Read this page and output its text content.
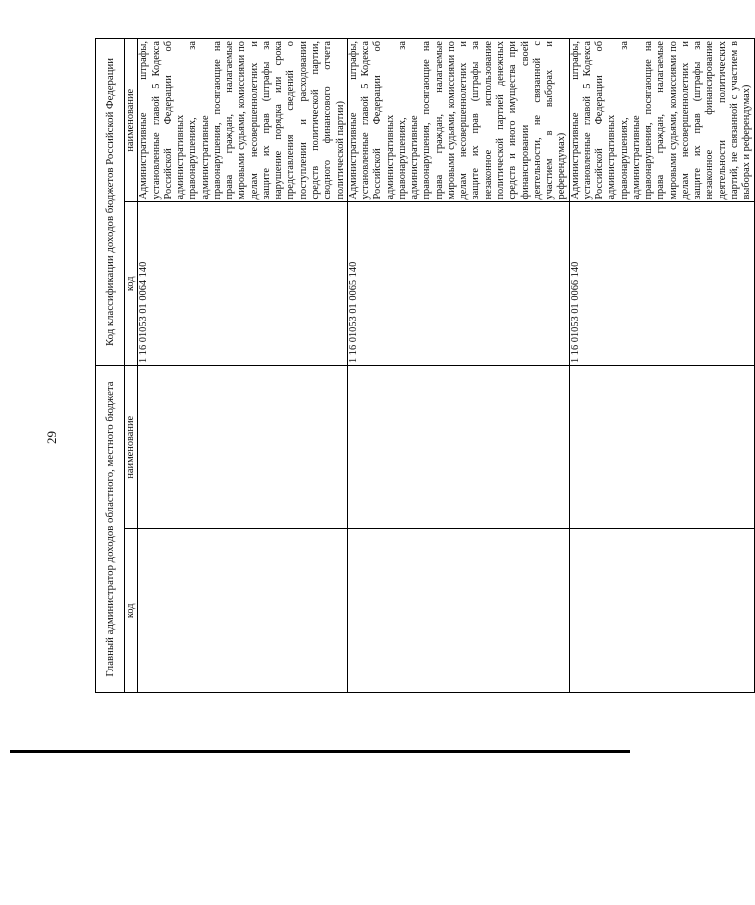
29	Главный администратор доходов областного, местного бюджета		Код классификации доходов бюджетов Российской Федерации	
код	наименование	код	наименование
		1 16 01053 01 0064 140	Административные штрафы, установленные главой 5 Кодекса Российской Федерации об административных правонарушениях, за административные правонарушения, посягающие на права граждан, налагаемые мировыми судьями, комиссиями по делам несовершеннолетних и защите их прав (штрафы за нарушение порядка или срока представления сведений о поступлении и расходовании средств политической партии, сводного финансового отчета политической партии)
		1 16 01053 01 0065 140	Административные штрафы, установленные главой 5 Кодекса Российской Федерации об административных правонарушениях, за административные правонарушения, посягающие на права граждан, налагаемые мировыми судьями, комиссиями по делам несовершеннолетних и защите их прав (штрафы за незаконное использование политической партией денежных средств и иного имущества при финансировании своей деятельности, не связанной с участием в выборах и референдумах)
		1 16 01053 01 0066 140	Административные штрафы, установленные главой 5 Кодекса Российской Федерации об административных правонарушениях, за административные правонарушения, посягающие на права граждан, налагаемые мировыми судьями, комиссиями по делам несовершеннолетних и защите их прав (штрафы за незаконное финансирование деятельности политических партий, не связанной с участием в выборах и референдумах)
